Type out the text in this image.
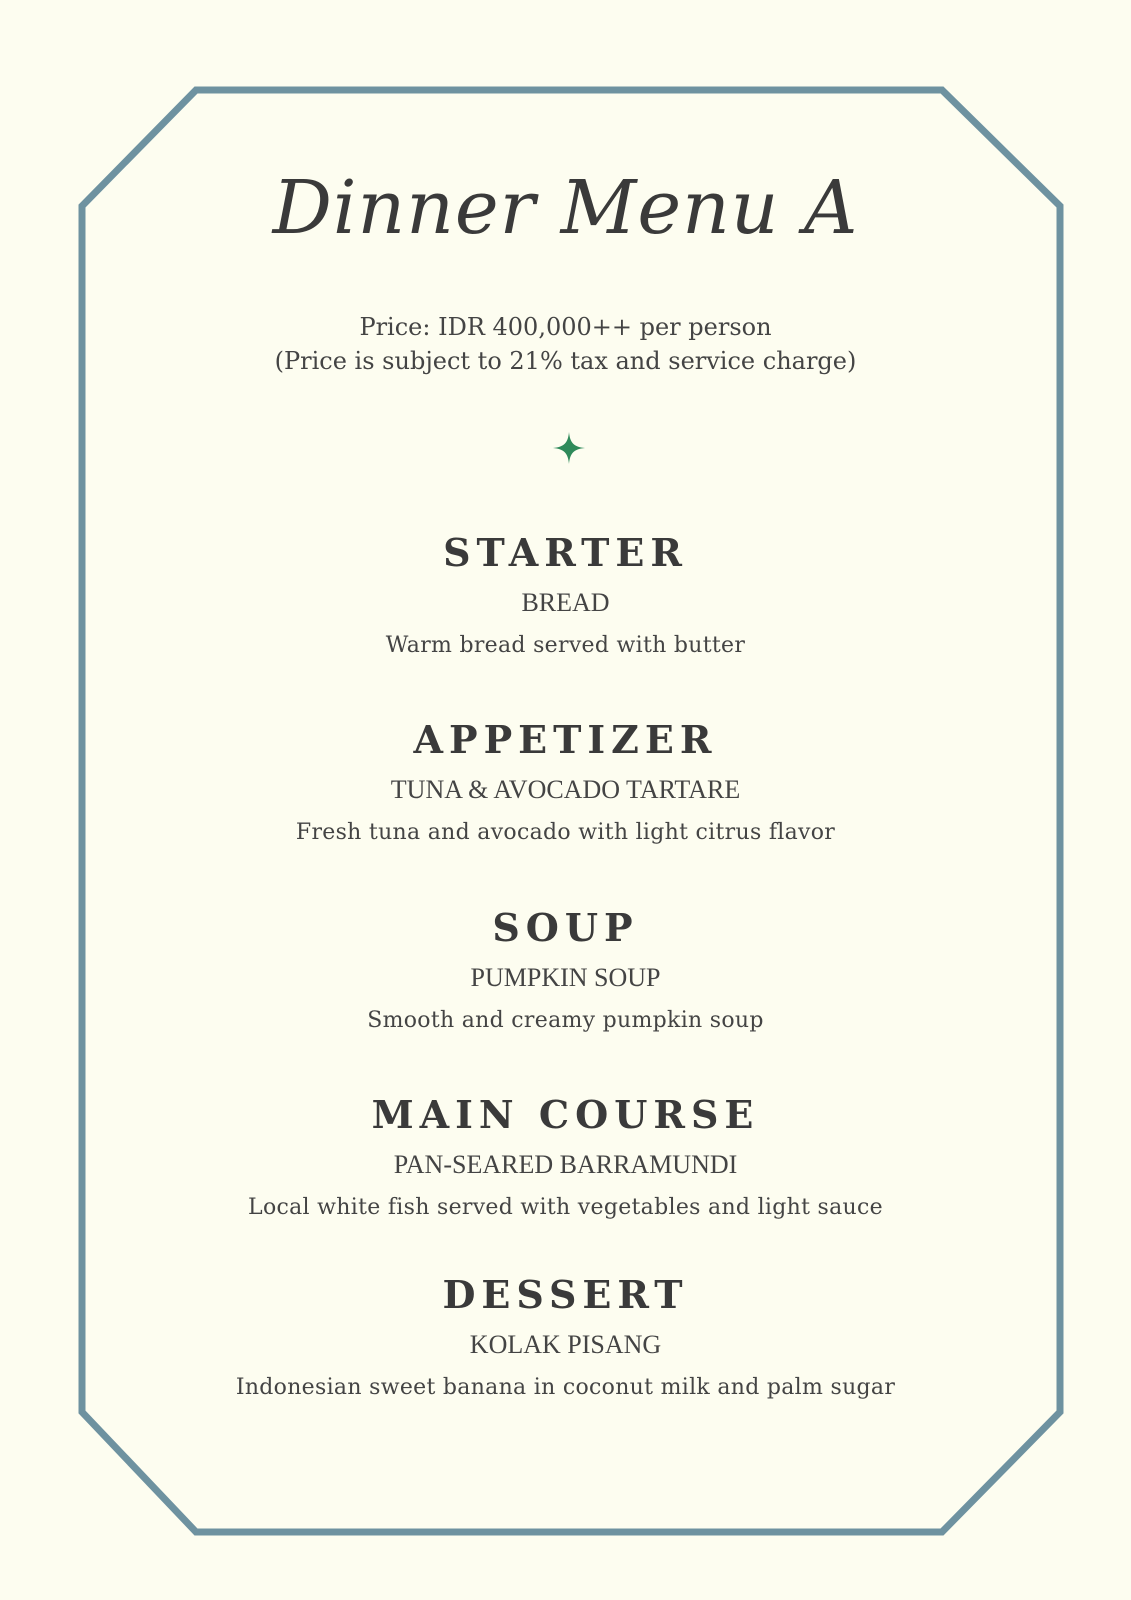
Dinner Menu A
Price: IDR 400,000++ per person
(Price is subject to 21% tax and service charge)
STARTER
BREAD
Warm bread served with butter
APPETIZER
TUNA & AVOCADO TARTARE
Fresh tuna and avocado with light citrus flavor
SOUP
PUMPKIN SOUP
Smooth and creamy pumpkin soup
MAIN COURSE
PAN-SEARED BARRAMUNDI
Local white fish served with vegetables and light sauce
DESSERT
KOLAK PISANG
Indonesian sweet banana in coconut milk and palm sugar
